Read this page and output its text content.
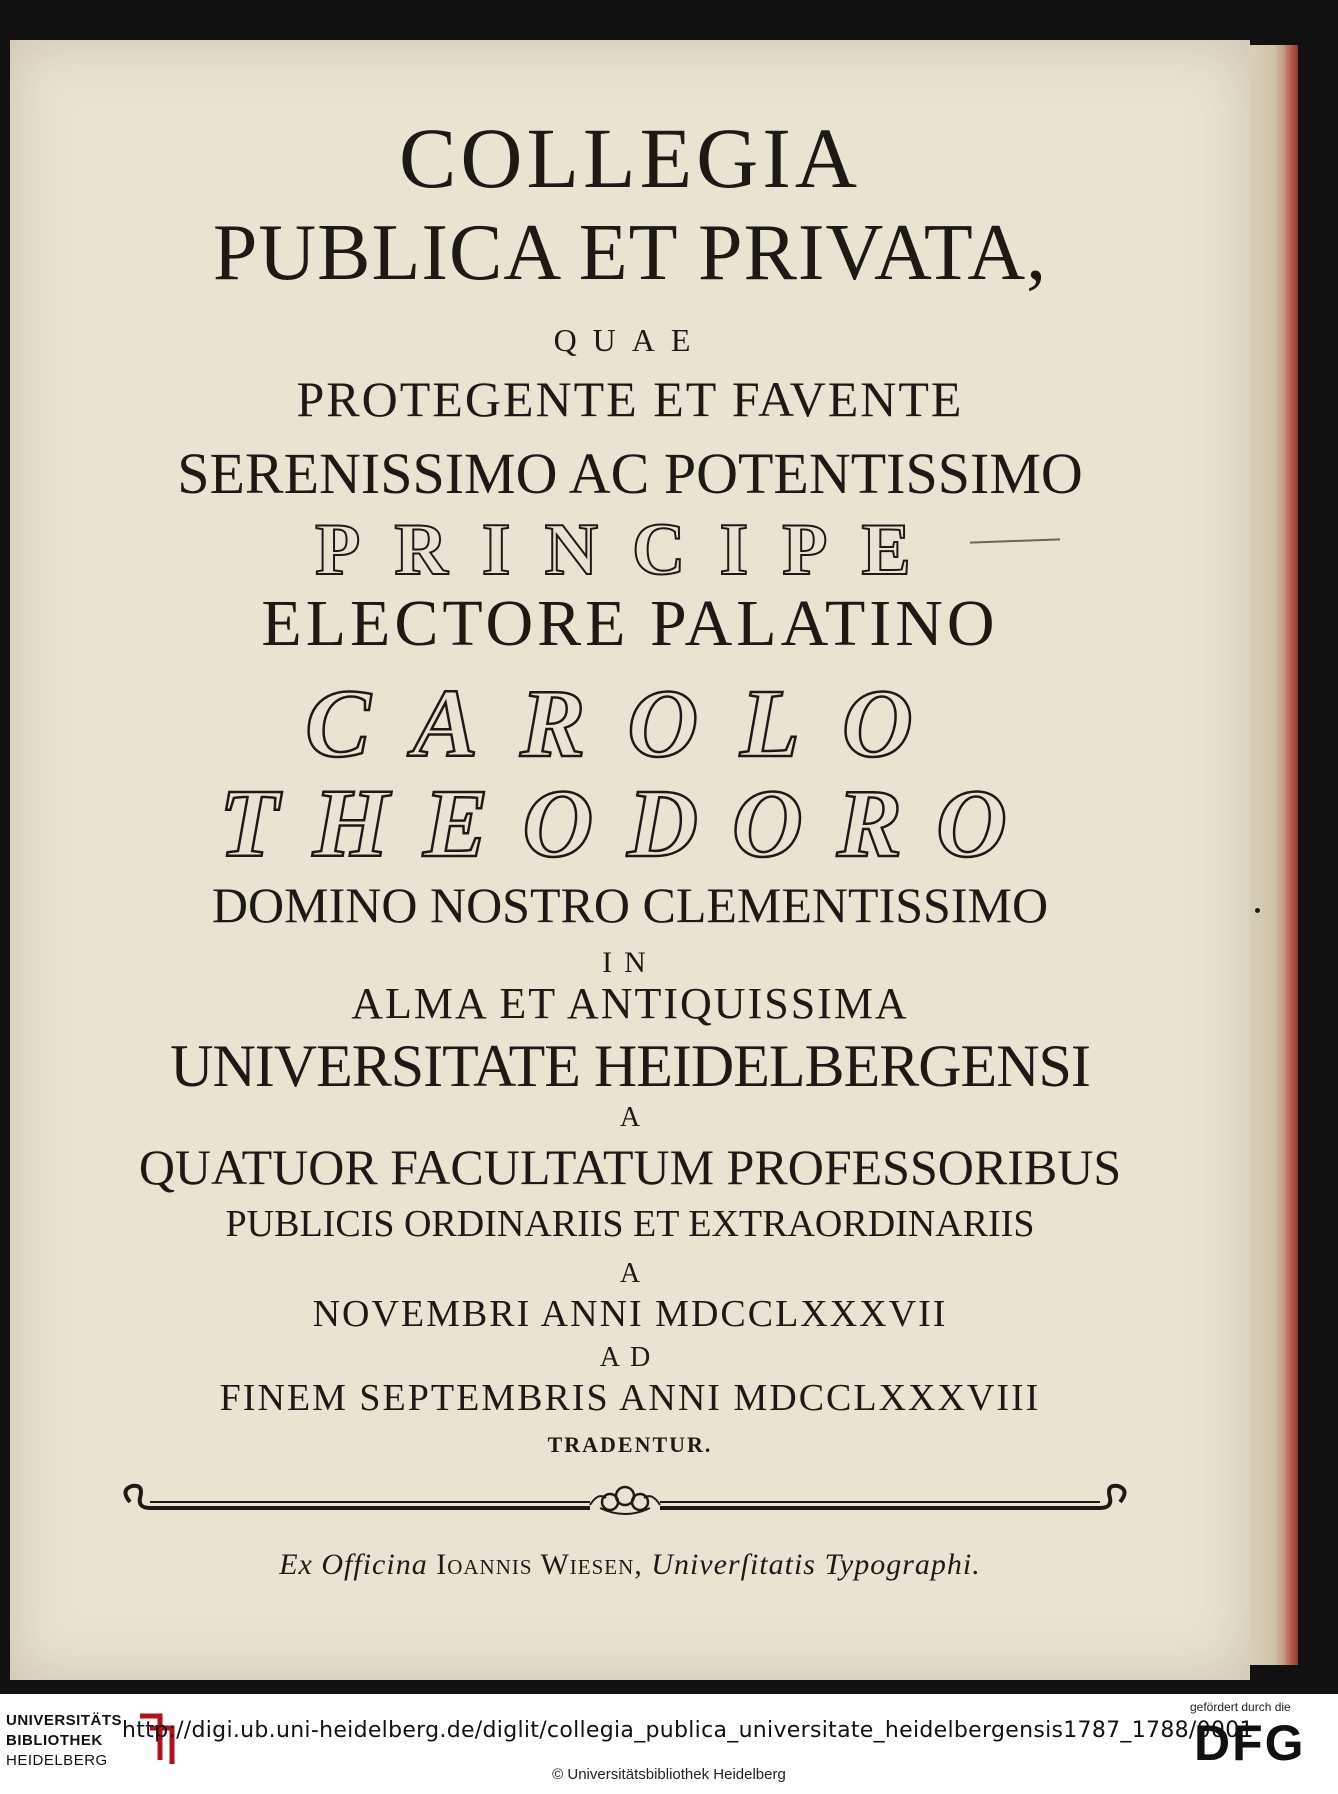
COLLEGIA
PUBLICA ET PRIVATA,
QUAE
PROTEGENTE ET FAVENTE
SERENISSIMO AC POTENTISSIMO
PRINCIPE
ELECTORE PALATINO
CAROLO
THEODORO
DOMINO NOSTRO CLEMENTISSIMO
IN
ALMA ET ANTIQUISSIMA
UNIVERSITATE HEIDELBERGENSI
A
QUATUOR FACULTATUM PROFESSORIBUS
PUBLICIS ORDINARIIS ET EXTRAORDINARIIS
A
NOVEMBRI ANNI MDCCLXXXVII
AD
FINEM SEPTEMBRIS ANNI MDCCLXXXVIII
TRADENTUR.
Ex Officina Ioannis Wiesen, Univerſitatis Typographi.
UNIVERSITÄTS
BIBLIOTHEK
HEIDELBERG
http://digi.ub.uni-heidelberg.de/diglit/collegia_publica_universitate_heidelbergensis1787_1788/0001
© Universitätsbibliothek Heidelberg
gefördert durch die
DFG
